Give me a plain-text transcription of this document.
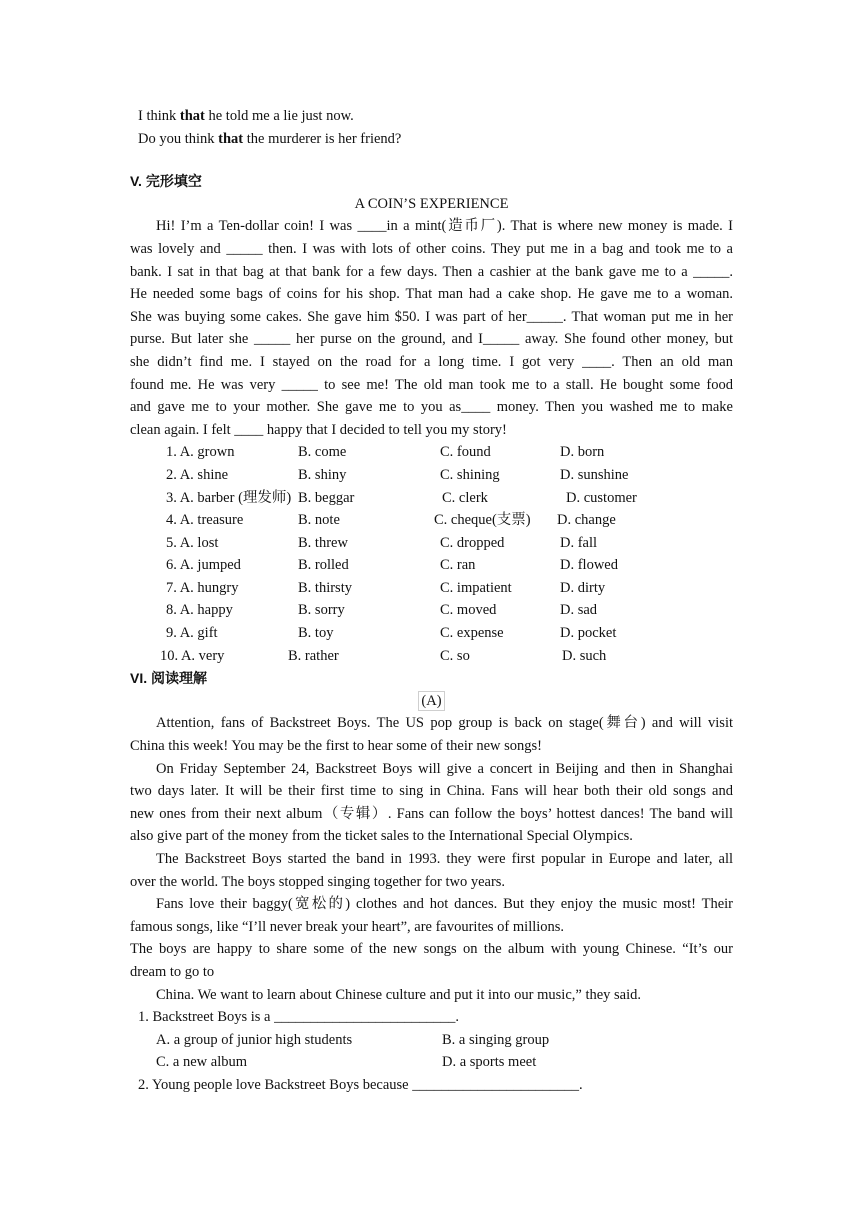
I think that he told me a lie just now.
Do you think that the murderer is her friend?
V. 完形填空
A COIN’S EXPERIENCE
Hi! I’m a Ten-dollar coin! I was ____in a mint(造币厂). That is where new money is made. I
was lovely and _____ then. I was with lots of other coins. They put me in a bag and took me to a
bank. I sat in that bag at that bank for a few days. Then a cashier at the bank gave me to a _____.
He needed some bags of coins for his shop. That man had a cake shop. He gave me to a woman.
She was buying some cakes. She gave him $50. I was part of her_____. That woman put me in her
purse. But later she _____ her purse on the ground, and I_____ away. She found other money, but
she didn’t find me. I stayed on the road for a long time. I got very ____. Then an old man
found me. He was very _____ to see me! The old man took me to a stall. He bought some food
and gave me to your mother. She gave me to you as____ money. Then you washed me to make
clean again. I felt ____ happy that I decided to tell you my story!
1. A. grown	B. come	C. found	D. born
2. A. shine	B. shiny	C. shining	D. sunshine
3. A. barber (理发师) B. beggar	C. clerk	D. customer
4. A. treasure	B. note	C. cheque(支票) D. change
5. A. lost	B. threw	C. dropped	D. fall
6. A. jumped	B. rolled	C. ran	D. flowed
7. A. hungry	B. thirsty	C. impatient	D. dirty
8. A. happy	B. sorry	C. moved	D. sad
9. A. gift	B. toy	C. expense	D. pocket
10. A. very	B. rather	C. so	D. such
VI. 阅读理解
(A)
Attention, fans of Backstreet Boys. The US pop group is back on stage(舞台) and will visit
China this week! You may be the first to hear some of their new songs!
On Friday September 24, Backstreet Boys will give a concert in Beijing and then in Shanghai
two days later. It will be their first time to sing in China. Fans will hear both their old songs and
new ones from their next album（专辑）. Fans can follow the boys’ hottest dances! The band will
also give part of the money from the ticket sales to the International Special Olympics.
The Backstreet Boys started the band in 1993. they were first popular in Europe and later, all
over the world. The boys stopped singing together for two years.
Fans love their baggy(宽松的) clothes and hot dances. But they enjoy the music most! Their
famous songs, like “I’ll never break your heart”, are favourites of millions.
The boys are happy to share some of the new songs on the album with young Chinese. “It’s our
dream to go to
China. We want to learn about Chinese culture and put it into our music,” they said.
1. Backstreet Boys is a _________________________.
A. a group of junior high students	B. a singing group
C. a new album	D. a sports meet
2. Young people love Backstreet Boys because _______________________.
